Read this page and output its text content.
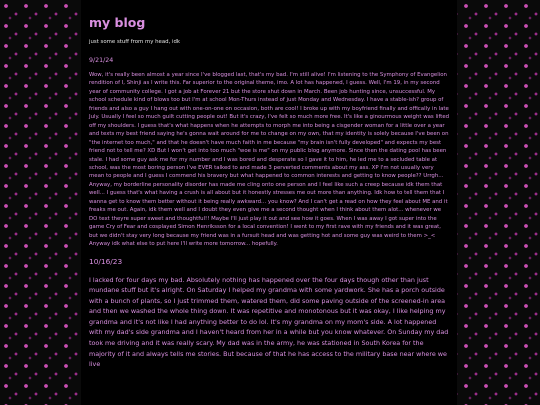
my blog
just some stuff from my head, idk
9/21/24

Wow, it's really been almost a year since I've blogged last, that's my bad. I'm still alive! I'm listening to the Symphony of Evangelion rendition of I, Shinji as I write this. Far superior to the original theme, imo. A lot has happened, I guess. Well, I'm 19, in my second year of community college. I got a job at Forever 21 but the store shut down in March. Been job hunting since, unsuccessful. My school schedule kind of blows too but I'm at school Mon-Thurs instead of just Monday and Wednesday. I have a stable-ish? group of friends and also a guy I hang out with one-on-one on occasion, both are cool! I broke up with my boyfriend finally and offically in late July. Usually I feel so much guilt cutting people out! But it's crazy, I've felt so much more free. It's like a ginourmous weight was lifted off my shoulders. I guess that's what happens when he attempts to morph me into being a cisgender woman for a little over a year and texts my best friend saying he's gonna wait around for me to change on my own, that my identity is solely because I've been on "the internet too much," and that he doesn't have much faith in me because "my brain isn't fully developed" and expects my best friend not to tell me? XD But I won't get into too much "woe is me" on my public blog anymore. Since then the dating pool has been stale. I had some guy ask me for my number and I was bored and desperate so I gave it to him, he led me to a secluded table at school, was the most boring person I've EVER talked to and made 3 perverted comments about my ass. XP I'm not usually very mean to people and I guess I commend his bravery but what happened to common interests and getting to know people?? Urrgh... Anyway, my borderline personality disorder has made me cling onto one person and I feel like such a creep because idk them that well... I guess that's what having a crush is all about but it honestly stresses me out more than anything. Idk how to tell them that I wanna get to know them better without it being really awkward... you know? And I can't get a read on how they feel about ME and it freaks me out. Again, idk them well and I doubt they even give me a second thought when I think about them alot... whenever we DO text theyre super sweet and thoughtful!! Maybe I'll just play it out and see how it goes. When I was away I got super into the game Cry of Fear and cosplayed Simon Henriksson for a local convention! I went to my first rave with my friends and it was great, but we didn't stay very long because my friend was in a fursuit head and was getting hot and some guy was weird to them >_< Anyway idk what else to put here I'll write more tomorrow... hopefully.

10/16/23

I lacked for four days my bad. Absolutely nothing has happened over the four days though other than just mundane stuff but it's alright. On Saturday I helped my grandma with some yardwork. She has a porch outside with a bunch of plants, so I just trimmed them, watered them, did some paving outside of the screened-in area and then we washed the whole thing down. It was repetitive and monotonous but it was okay, I like helping my grandma and it's not like I had anything better to do lol. It's my grandma on my mom's side. A lot happened with my dad's side grandma and I haven't heard from her in a while but you know whatever. On Sunday my dad took me driving and it was really scary. My dad was in the army, he was stationed in South Korea for the majority of it and always tells me stories. But because of that he has access to the military base near where we live
